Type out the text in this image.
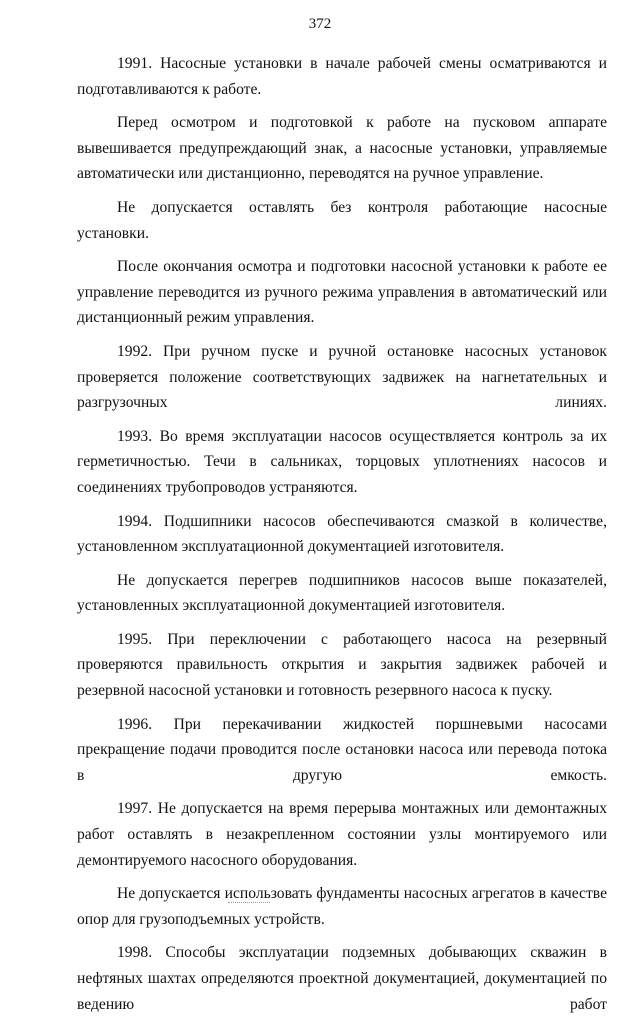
372

1991. Насосные установки в начале рабочей смены осматриваются и подготавливаются к работе.

Перед осмотром и подготовкой к работе на пусковом аппарате вывешивается предупреждающий знак, а насосные установки, управляемые автоматически или дистанционно, переводятся на ручное управление.

Не допускается оставлять без контроля работающие насосные установки.

После окончания осмотра и подготовки насосной установки к работе ее управление переводится из ручного режима управления в автоматический или дистанционный режим управления.

1992. При ручном пуске и ручной остановке насосных установок проверяется положение соответствующих задвижек на нагнетательных и разгрузочных линиях.

1993. Во время эксплуатации насосов осуществляется контроль за их герметичностью. Течи в сальниках, торцовых уплотнениях насосов и соединениях трубопроводов устраняются.

1994. Подшипники насосов обеспечиваются смазкой в количестве, установленном эксплуатационной документацией изготовителя.

Не допускается перегрев подшипников насосов выше показателей, установленных эксплуатационной документацией изготовителя.

1995. При переключении с работающего насоса на резервный проверяются правильность открытия и закрытия задвижек рабочей и резервной насосной установки и готовность резервного насоса к пуску.

1996. При перекачивании жидкостей поршневыми насосами прекращение подачи проводится после остановки насоса или перевода потока в другую емкость.

1997. Не допускается на время перерыва монтажных или демонтажных работ оставлять в незакрепленном состоянии узлы монтируемого или демонтируемого насосного оборудования.

Не допускается использовать фундаменты насосных агрегатов в качестве опор для грузоподъемных устройств.

1998. Способы эксплуатации подземных добывающих скважин в нефтяных шахтах определяются проектной документацией, документацией по ведению работ
